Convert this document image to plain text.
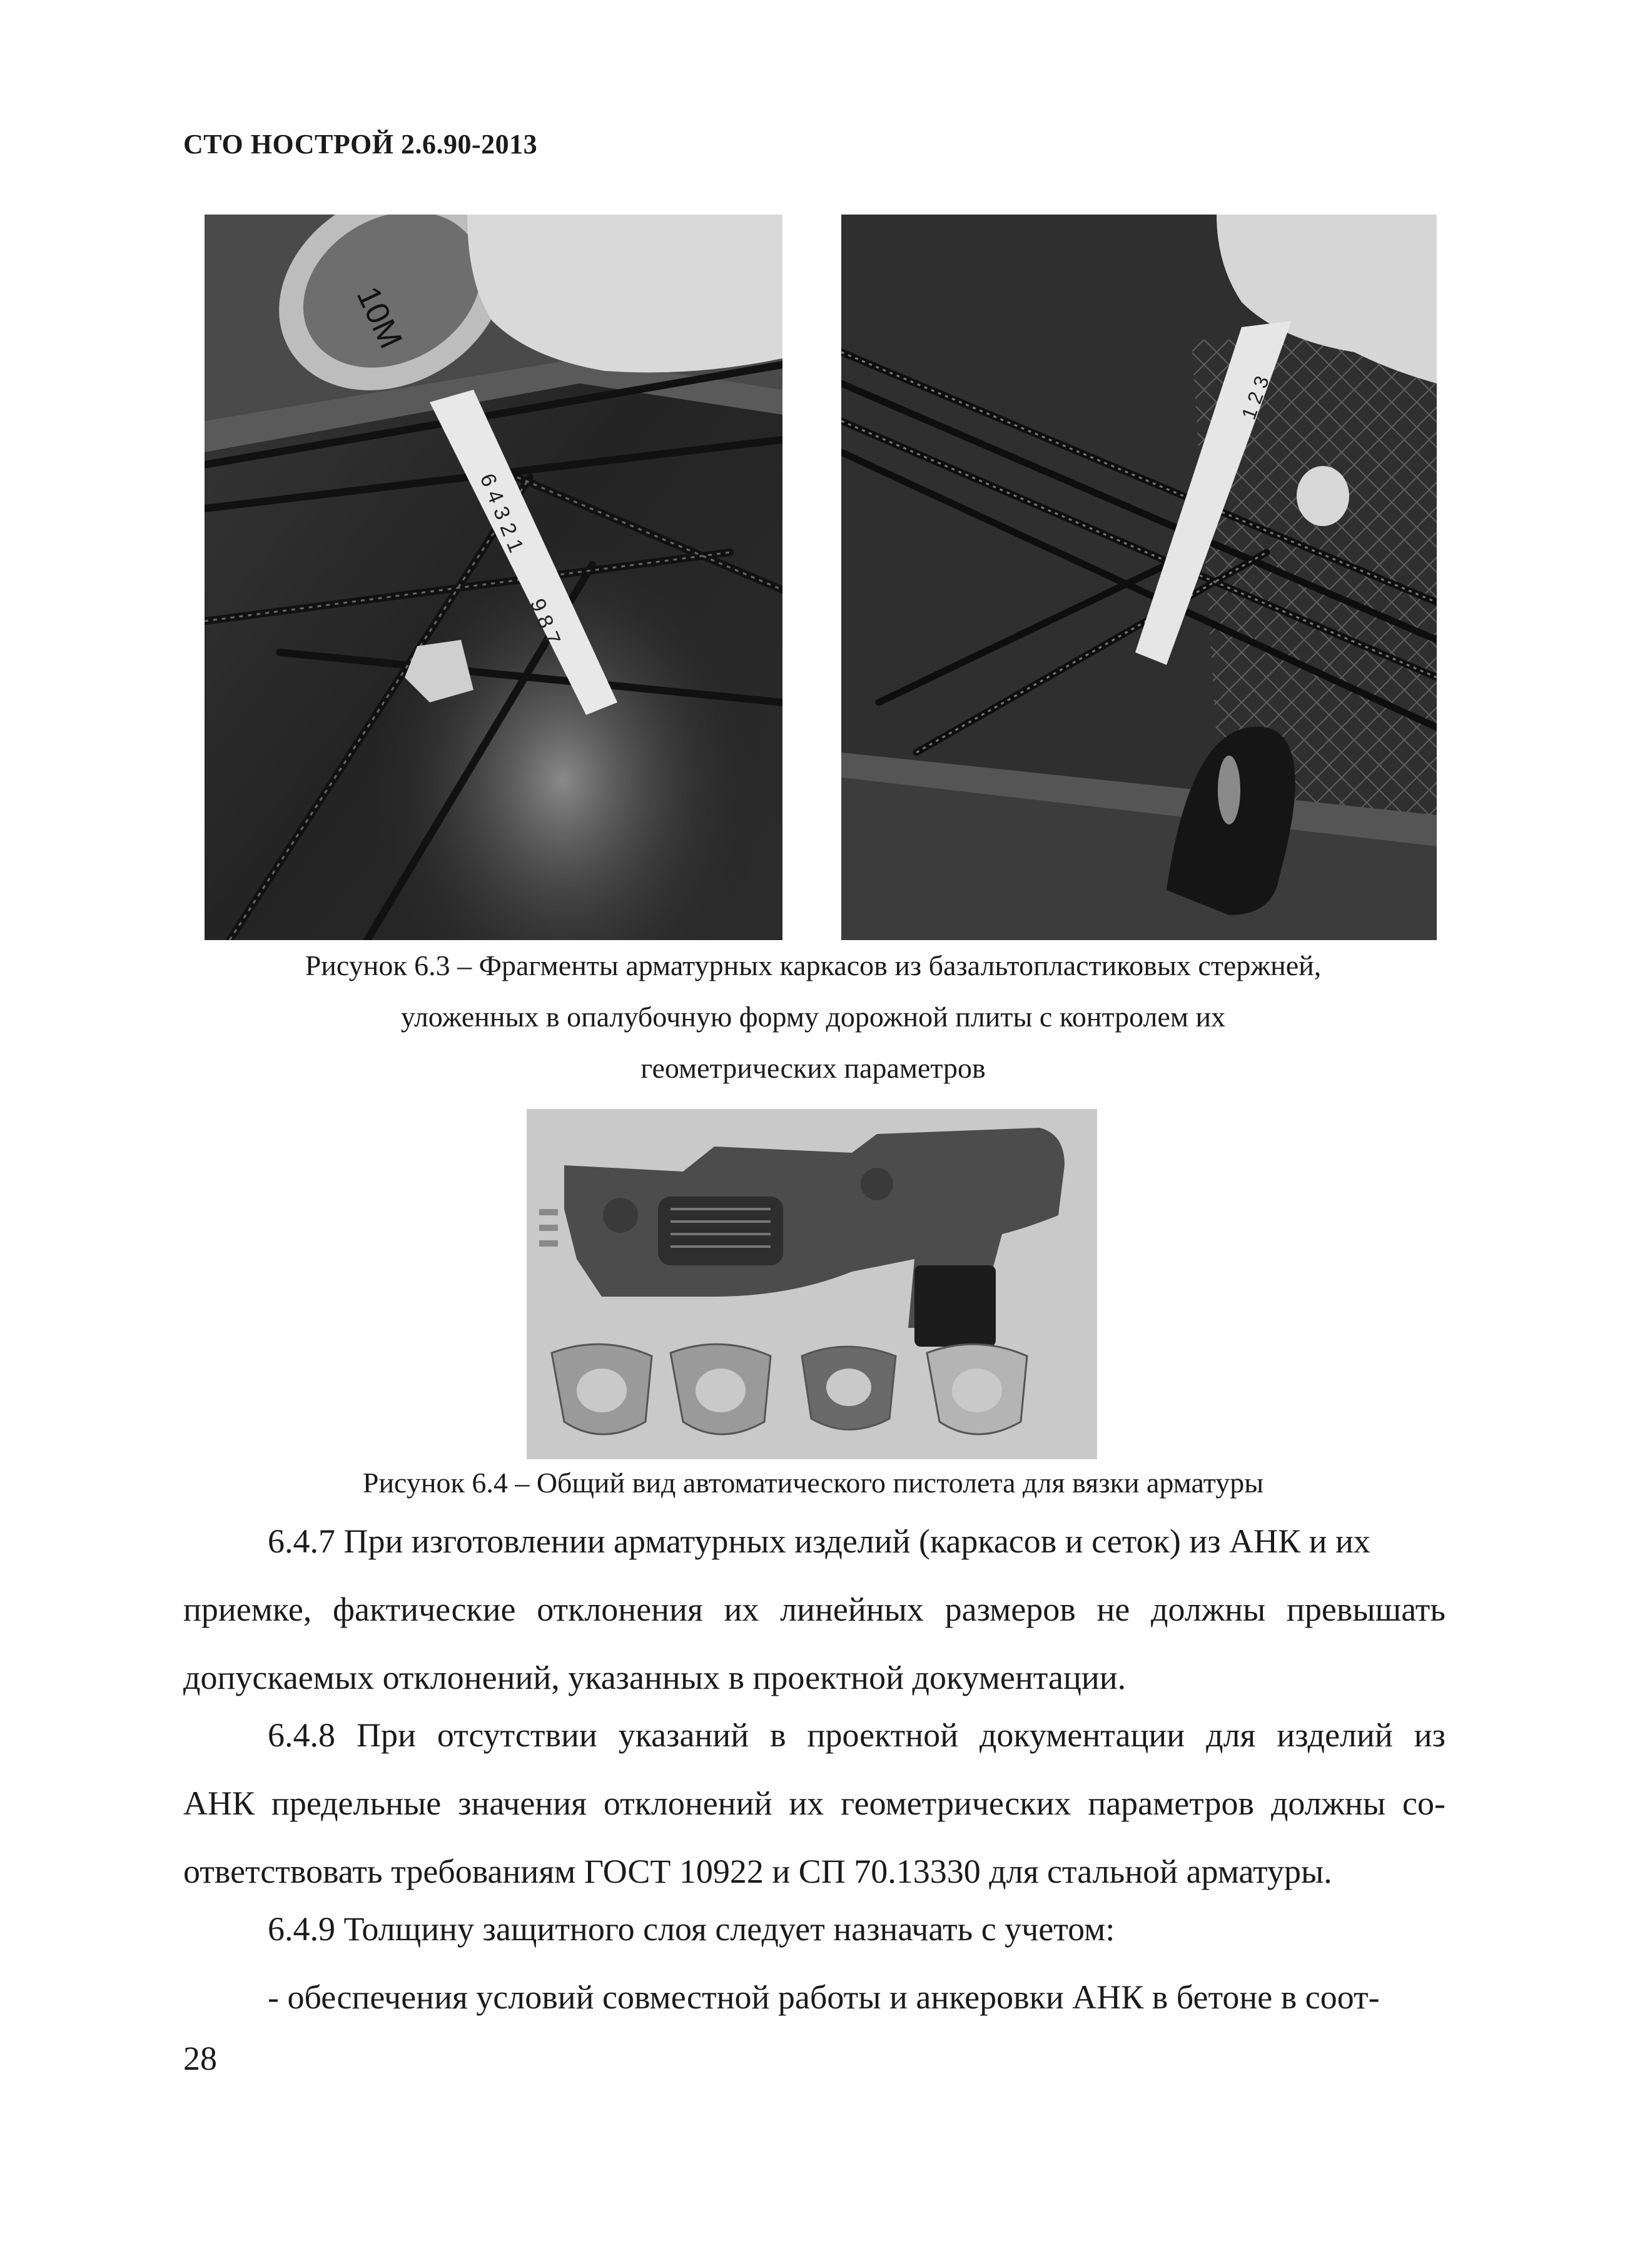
СТО НОСТРОЙ 2.6.90-2013
10M
6 4 3 2 1
9 8 7
1 2 3
Рисунок 6.3 – Фрагменты арматурных каркасов из базальтопластиковых стержней,
уложенных в опалубочную форму дорожной плиты с контролем их
геометрических параметров
Рисунок 6.4 – Общий вид автоматического пистолета для вязки арматуры
6.4.7 При изготовлении арматурных изделий (каркасов и сеток) из АНК и их
приемке, фактические отклонения их линейных размеров не должны превышать
допускаемых отклонений, указанных в проектной документации.
6.4.8 При отсутствии указаний в проектной документации для изделий из
АНК предельные значения отклонений их геометрических параметров должны со-
ответствовать требованиям ГОСТ 10922 и СП 70.13330 для стальной арматуры.
6.4.9 Толщину защитного слоя следует назначать с учетом:
- обеспечения условий совместной работы и анкеровки АНК в бетоне в соот-
28
